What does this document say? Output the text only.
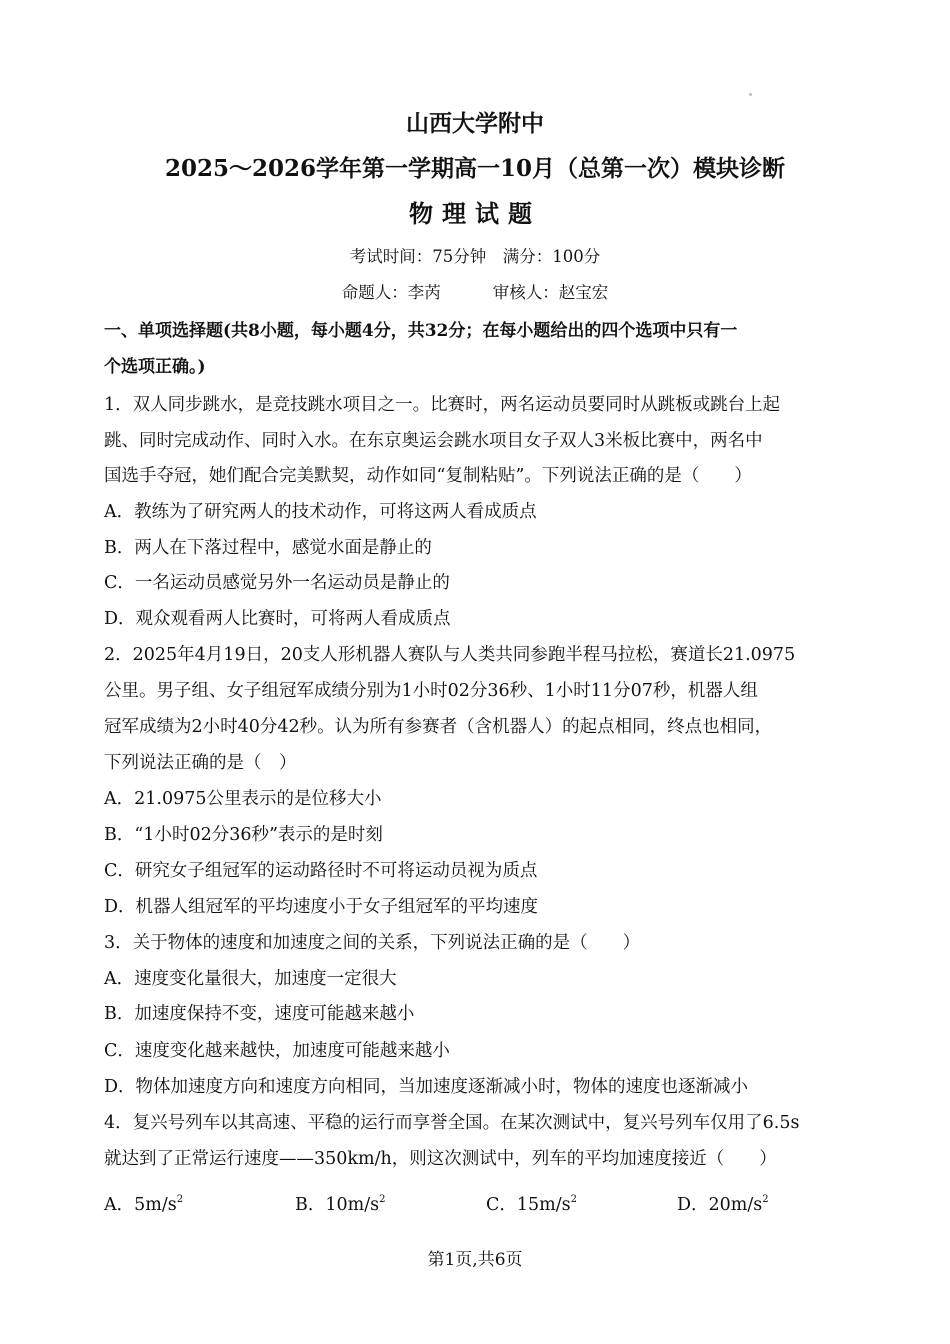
山西大学附中
2025～2026学年第一学期高一10月（总第一次）模块诊断
物理试题
考试时间：75分钟　满分：100分
命题人：李芮	审核人：赵宝宏
一、单项选择题(共8小题，每小题4分，共32分；在每小题给出的四个选项中只有一
个选项正确。)
1．双人同步跳水，是竞技跳水项目之一。比赛时，两名运动员要同时从跳板或跳台上起
跳、同时完成动作、同时入水。在东京奥运会跳水项目女子双人3米板比赛中，两名中
国选手夺冠，她们配合完美默契，动作如同“复制粘贴”。下列说法正确的是（　　）
A．教练为了研究两人的技术动作，可将这两人看成质点
B．两人在下落过程中，感觉水面是静止的
C．一名运动员感觉另外一名运动员是静止的
D．观众观看两人比赛时，可将两人看成质点
2．2025年4月19日，20支人形机器人赛队与人类共同参跑半程马拉松，赛道长21.0975
公里。男子组、女子组冠军成绩分别为1小时02分36秒、1小时11分07秒，机器人组
冠军成绩为2小时40分42秒。认为所有参赛者（含机器人）的起点相同，终点也相同，
下列说法正确的是（　）
A．21.0975公里表示的是位移大小
B．“1小时02分36秒”表示的是时刻
C．研究女子组冠军的运动路径时不可将运动员视为质点
D．机器人组冠军的平均速度小于女子组冠军的平均速度
3．关于物体的速度和加速度之间的关系，下列说法正确的是（　　）
A．速度变化量很大，加速度一定很大
B．加速度保持不变，速度可能越来越小
C．速度变化越来越快，加速度可能越来越小
D．物体加速度方向和速度方向相同，当加速度逐渐减小时，物体的速度也逐渐减小
4．复兴号列车以其高速、平稳的运行而享誉全国。在某次测试中，复兴号列车仅用了6.5s
就达到了正常运行速度——350km/h，则这次测试中，列车的平均加速度接近（　　）
A．$5m/s^2$	B．$10m/s^2$	C．$15m/s^2$	D．$20m/s^2$
第1页,共6页
